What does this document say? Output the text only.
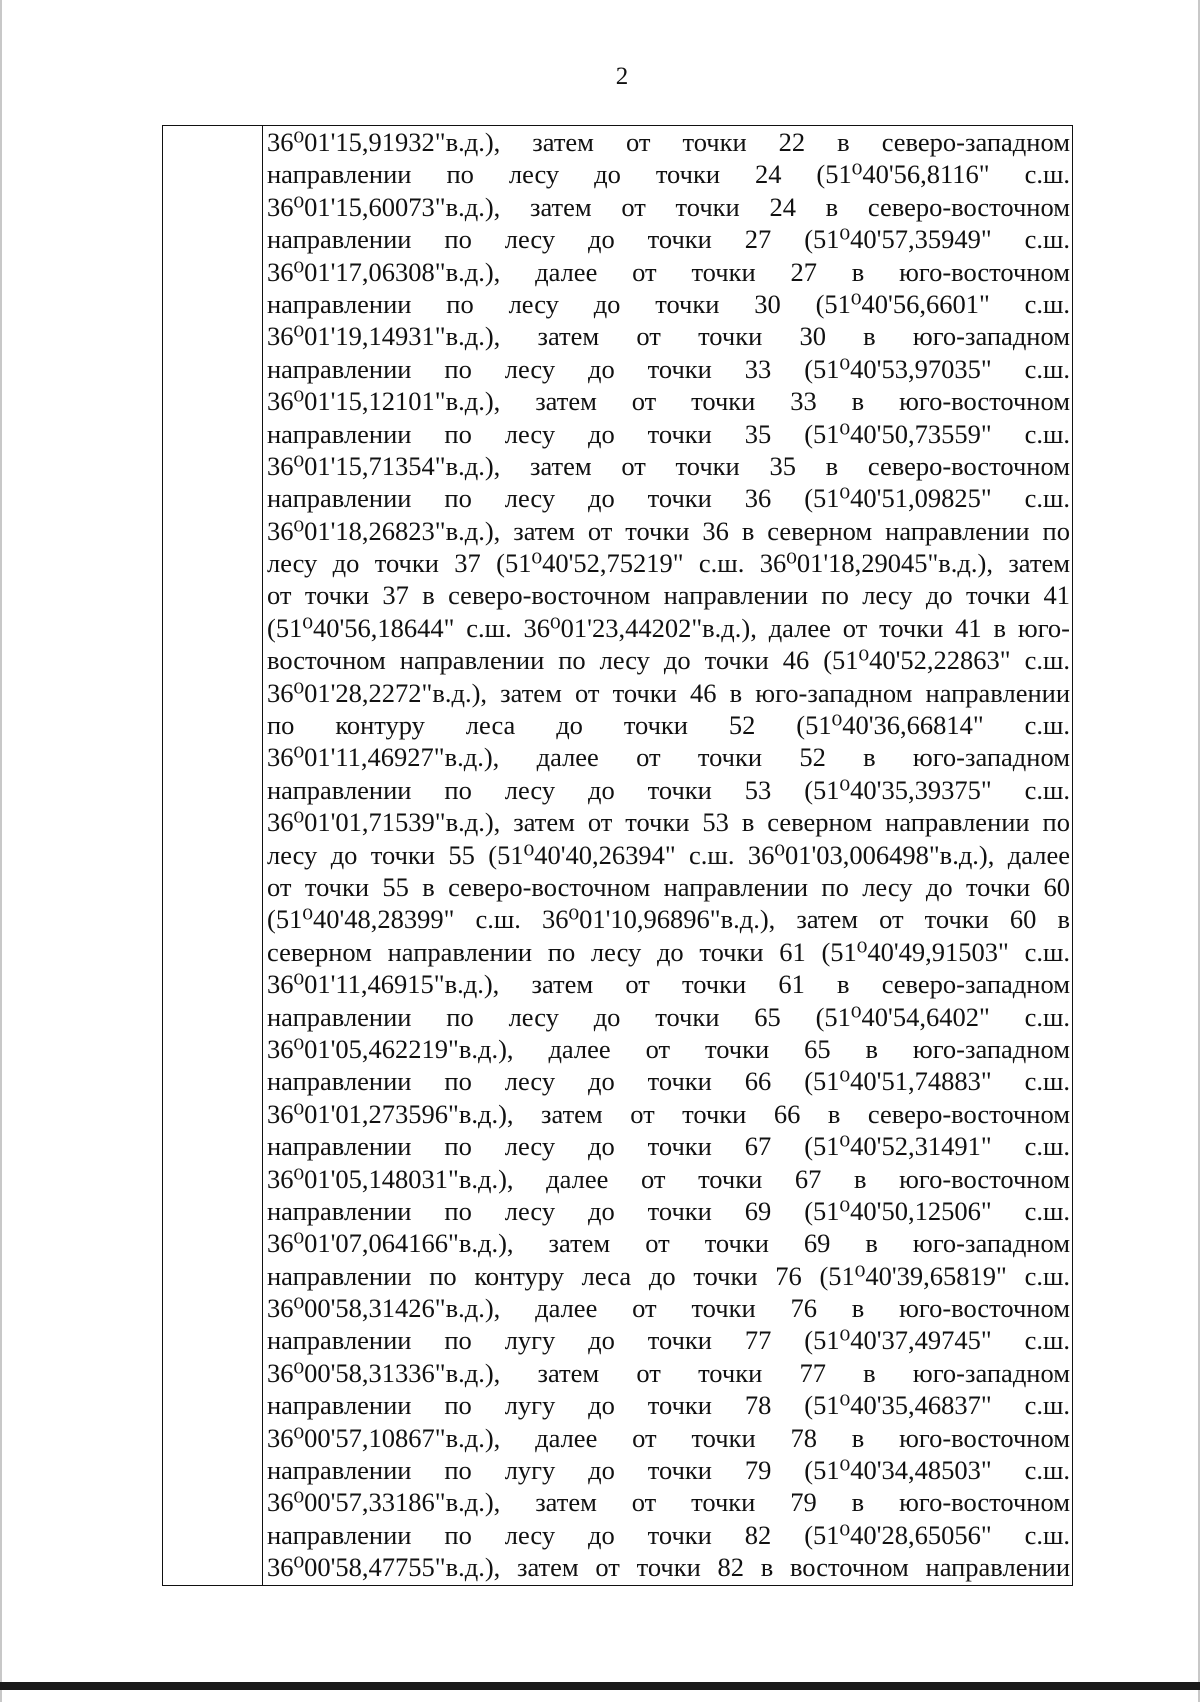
2
36⁰01'15,91932"в.д.), затем от точки 22 в северо-западном
направлении по лесу до точки 24 (51⁰40'56,8116" с.ш.
36⁰01'15,60073"в.д.), затем от точки 24 в северо-восточном
направлении по лесу до точки 27 (51⁰40'57,35949" с.ш.
36⁰01'17,06308"в.д.), далее от точки 27 в юго-восточном
направлении по лесу до точки 30 (51⁰40'56,6601" с.ш.
36⁰01'19,14931"в.д.), затем от точки 30 в юго-западном
направлении по лесу до точки 33 (51⁰40'53,97035" с.ш.
36⁰01'15,12101"в.д.), затем от точки 33 в юго-восточном
направлении по лесу до точки 35 (51⁰40'50,73559" с.ш.
36⁰01'15,71354"в.д.), затем от точки 35 в северо-восточном
направлении по лесу до точки 36 (51⁰40'51,09825" с.ш.
36⁰01'18,26823"в.д.), затем от точки 36 в северном направлении по
лесу до точки 37 (51⁰40'52,75219" с.ш. 36⁰01'18,29045"в.д.), затем
от точки 37 в северо-восточном направлении по лесу до точки 41
(51⁰40'56,18644" с.ш. 36⁰01'23,44202"в.д.), далее от точки 41 в юго-
восточном направлении по лесу до точки 46 (51⁰40'52,22863" с.ш.
36⁰01'28,2272"в.д.), затем от точки 46 в юго-западном направлении
по контуру леса до точки 52 (51⁰40'36,66814" с.ш.
36⁰01'11,46927"в.д.), далее от точки 52 в юго-западном
направлении по лесу до точки 53 (51⁰40'35,39375" с.ш.
36⁰01'01,71539"в.д.), затем от точки 53 в северном направлении по
лесу до точки 55 (51⁰40'40,26394" с.ш. 36⁰01'03,006498"в.д.), далее
от точки 55 в северо-восточном направлении по лесу до точки 60
(51⁰40'48,28399" с.ш. 36⁰01'10,96896"в.д.), затем от точки 60 в
северном направлении по лесу до точки 61 (51⁰40'49,91503" с.ш.
36⁰01'11,46915"в.д.), затем от точки 61 в северо-западном
направлении по лесу до точки 65 (51⁰40'54,6402" с.ш.
36⁰01'05,462219"в.д.), далее от точки 65 в юго-западном
направлении по лесу до точки 66 (51⁰40'51,74883" с.ш.
36⁰01'01,273596"в.д.), затем от точки 66 в северо-восточном
направлении по лесу до точки 67 (51⁰40'52,31491" с.ш.
36⁰01'05,148031"в.д.), далее от точки 67 в юго-восточном
направлении по лесу до точки 69 (51⁰40'50,12506" с.ш.
36⁰01'07,064166"в.д.), затем от точки 69 в юго-западном
направлении по контуру леса до точки 76 (51⁰40'39,65819" с.ш.
36⁰00'58,31426"в.д.), далее от точки 76 в юго-восточном
направлении по лугу до точки 77 (51⁰40'37,49745" с.ш.
36⁰00'58,31336"в.д.), затем от точки 77 в юго-западном
направлении по лугу до точки 78 (51⁰40'35,46837" с.ш.
36⁰00'57,10867"в.д.), далее от точки 78 в юго-восточном
направлении по лугу до точки 79 (51⁰40'34,48503" с.ш.
36⁰00'57,33186"в.д.), затем от точки 79 в юго-восточном
направлении по лесу до точки 82 (51⁰40'28,65056" с.ш.
36⁰00'58,47755"в.д.), затем от точки 82 в восточном направлении
